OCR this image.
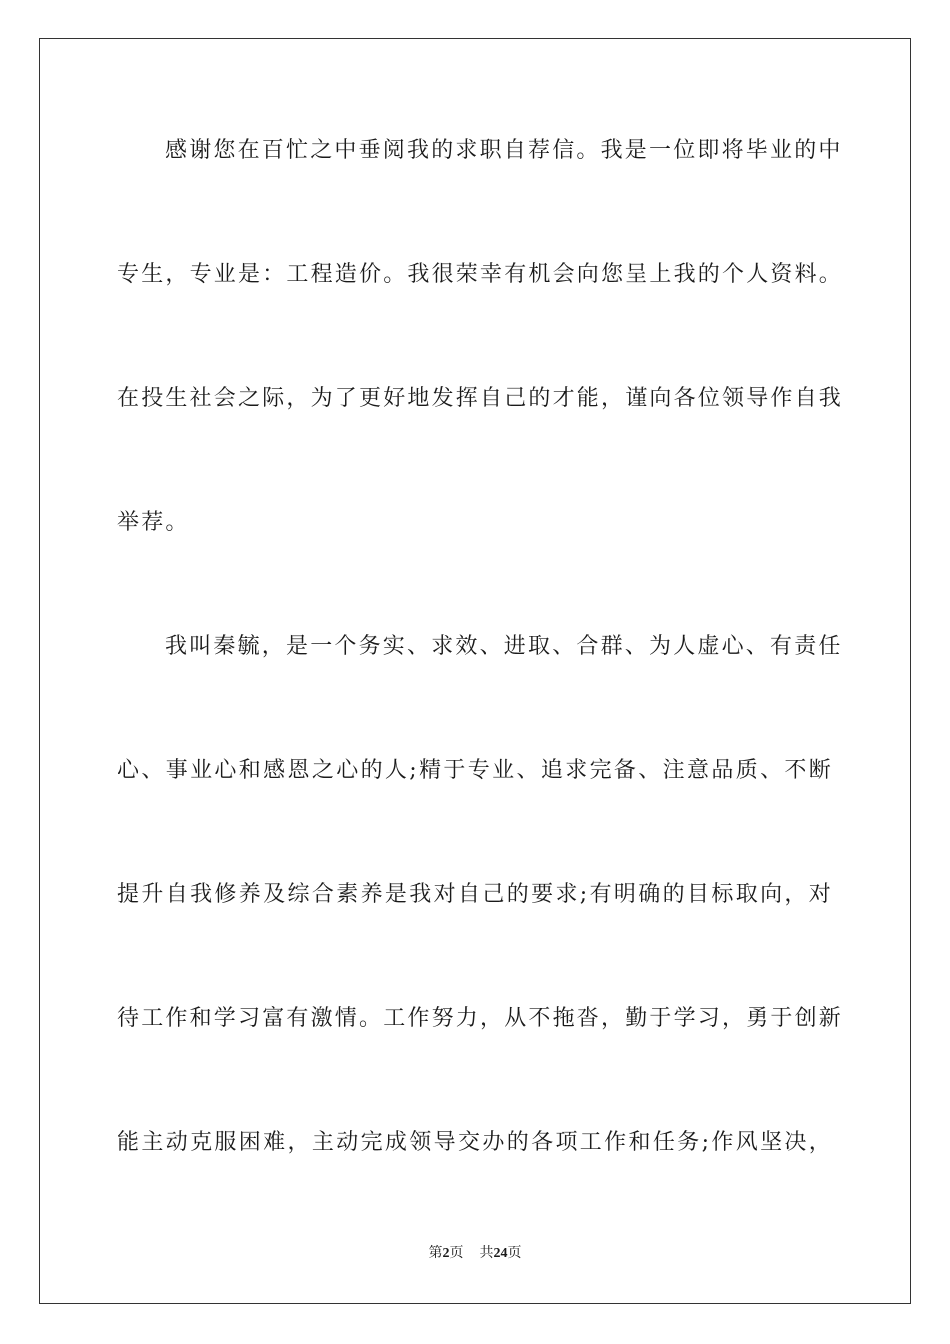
感谢您在百忙之中垂阅我的求职自荐信。我是一位即将毕业的中
专生，专业是：工程造价。我很荣幸有机会向您呈上我的个人资料。
在投生社会之际，为了更好地发挥自己的才能，谨向各位领导作自我
举荐。
我叫秦毓，是一个务实、求效、进取、合群、为人虚心、有责任
心、事业心和感恩之心的人;精于专业、追求完备、注意品质、不断
提升自我修养及综合素养是我对自己的要求;有明确的目标取向，对
待工作和学习富有激情。工作努力，从不拖沓，勤于学习，勇于创新
能主动克服困难，主动完成领导交办的各项工作和任务;作风坚决，
第2页 共24页
